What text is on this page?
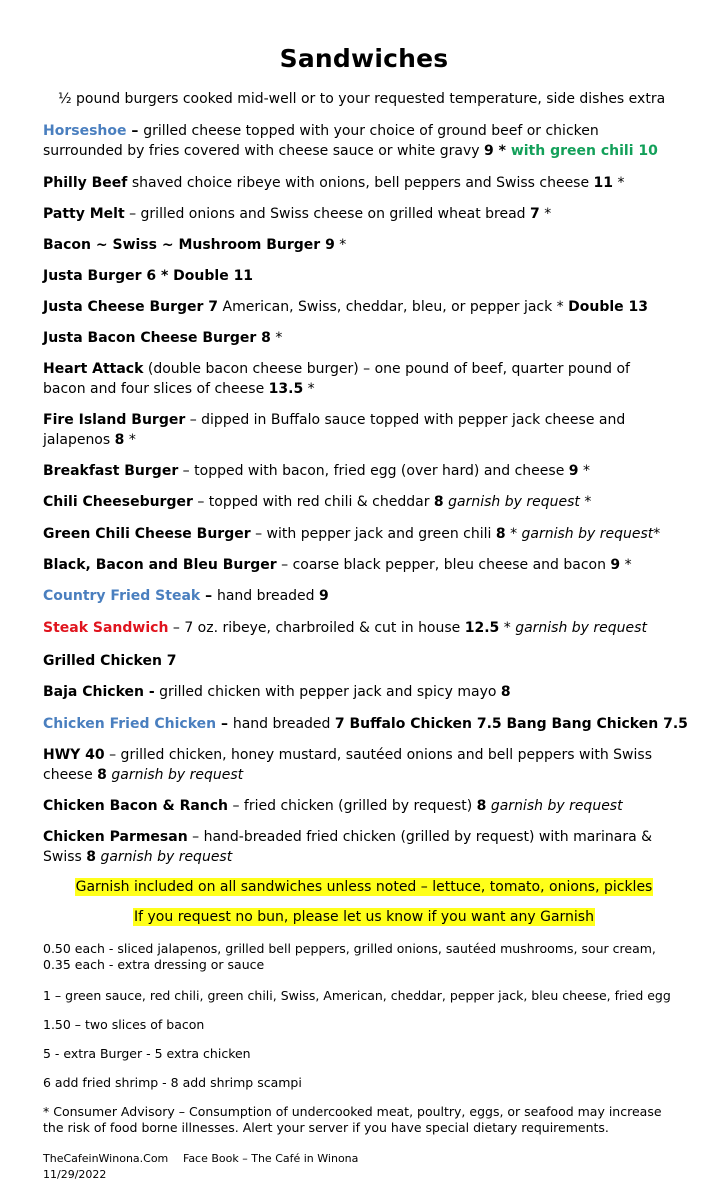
Sandwiches
½ pound burgers cooked mid-well or to your requested temperature, side dishes extra
Horseshoe – grilled cheese topped with your choice of ground beef or chicken
surrounded by fries covered with cheese sauce or white gravy 9 * with green chili 10
Philly Beef shaved choice ribeye with onions, bell peppers and Swiss cheese 11 *
Patty Melt – grilled onions and Swiss cheese on grilled wheat bread 7 *
Bacon ~ Swiss ~ Mushroom Burger 9 *
Justa Burger 6 * Double 11
Justa Cheese Burger 7 American, Swiss, cheddar, bleu, or pepper jack * Double 13
Justa Bacon Cheese Burger 8 *
Heart Attack (double bacon cheese burger) – one pound of beef, quarter pound of
bacon and four slices of cheese 13.5 *
Fire Island Burger – dipped in Buffalo sauce topped with pepper jack cheese and
jalapenos 8 *
Breakfast Burger – topped with bacon, fried egg (over hard) and cheese 9 *
Chili Cheeseburger – topped with red chili & cheddar 8 garnish by request *
Green Chili Cheese Burger – with pepper jack and green chili 8 * garnish by request*
Black, Bacon and Bleu Burger – coarse black pepper, bleu cheese and bacon 9 *
Country Fried Steak – hand breaded 9
Steak Sandwich – 7 oz. ribeye, charbroiled & cut in house 12.5 * garnish by request
Grilled Chicken 7
Baja Chicken - grilled chicken with pepper jack and spicy mayo 8
Chicken Fried Chicken – hand breaded 7 Buffalo Chicken 7.5 Bang Bang Chicken 7.5
HWY 40 – grilled chicken, honey mustard, sautéed onions and bell peppers with Swiss
cheese 8 garnish by request
Chicken Bacon & Ranch – fried chicken (grilled by request) 8 garnish by request
Chicken Parmesan – hand-breaded fried chicken (grilled by request) with marinara &
Swiss 8 garnish by request
Garnish included on all sandwiches unless noted – lettuce, tomato, onions, pickles
If you request no bun, please let us know if you want any Garnish
0.50 each - sliced jalapenos, grilled bell peppers, grilled onions, sautéed mushrooms, sour cream,
0.35 each - extra dressing or sauce
1 – green sauce, red chili, green chili, Swiss, American, cheddar, pepper jack, bleu cheese, fried egg
1.50 – two slices of bacon
5 - extra Burger - 5 extra chicken
6 add fried shrimp - 8 add shrimp scampi
* Consumer Advisory – Consumption of undercooked meat, poultry, eggs, or seafood may increase
the risk of food borne illnesses. Alert your server if you have special dietary requirements.
TheCafeinWinona.Com Face Book – The Café in Winona
11/29/2022
